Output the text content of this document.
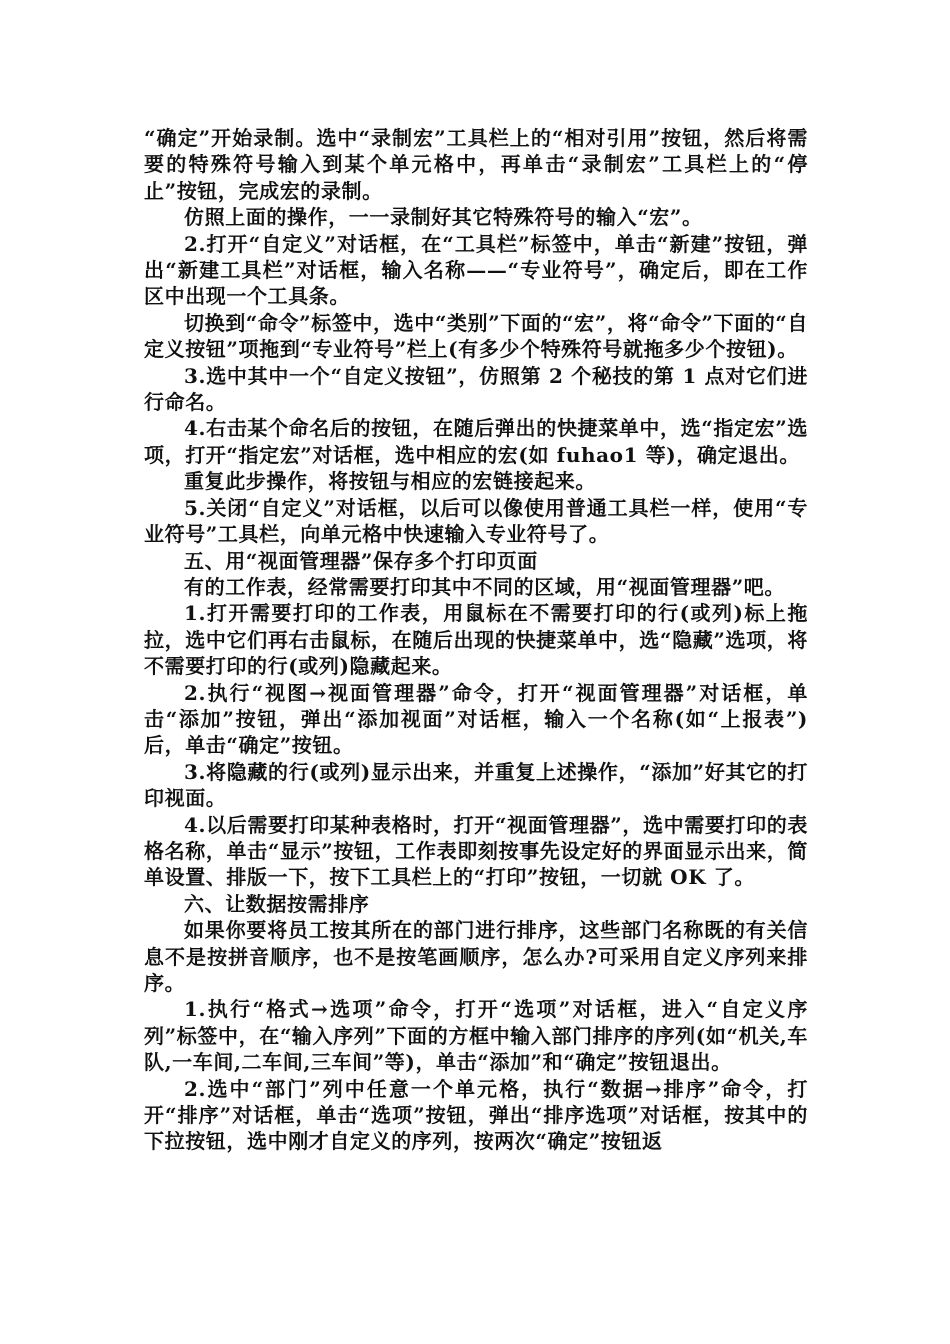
“确定”开始录制。选中“录制宏”工具栏上的“相对引用”按钮，然后将需要的特殊符号输入到某个单元格中，再单击“录制宏”工具栏上的“停止”按钮，完成宏的录制。

仿照上面的操作，一一录制好其它特殊符号的输入“宏”。

2.打开“自定义”对话框，在“工具栏”标签中，单击“新建”按钮，弹出“新建工具栏”对话框，输入名称——“专业符号”，确定后，即在工作区中出现一个工具条。

切换到“命令”标签中，选中“类别”下面的“宏”，将“命令”下面的“自定义按钮”项拖到“专业符号”栏上(有多少个特殊符号就拖多少个按钮)。

3.选中其中一个“自定义按钮”，仿照第 2 个秘技的第 1 点对它们进行命名。

4.右击某个命名后的按钮，在随后弹出的快捷菜单中，选“指定宏”选项，打开“指定宏”对话框，选中相应的宏(如 fuhao1 等)，确定退出。

重复此步操作，将按钮与相应的宏链接起来。

5.关闭“自定义”对话框，以后可以像使用普通工具栏一样，使用“专业符号”工具栏，向单元格中快速输入专业符号了。

五、用“视面管理器”保存多个打印页面

有的工作表，经常需要打印其中不同的区域，用“视面管理器”吧。

1.打开需要打印的工作表，用鼠标在不需要打印的行(或列)标上拖拉，选中它们再右击鼠标，在随后出现的快捷菜单中，选“隐藏”选项，将不需要打印的行(或列)隐藏起来。

2.执行“视图→视面管理器”命令，打开“视面管理器”对话框，单击“添加”按钮，弹出“添加视面”对话框，输入一个名称(如“上报表”)后，单击“确定”按钮。

3.将隐藏的行(或列)显示出来，并重复上述操作，“添加”好其它的打印视面。

4.以后需要打印某种表格时，打开“视面管理器”，选中需要打印的表格名称，单击“显示”按钮，工作表即刻按事先设定好的界面显示出来，简单设置、排版一下，按下工具栏上的“打印”按钮，一切就 OK 了。

六、让数据按需排序

如果你要将员工按其所在的部门进行排序，这些部门名称既的有关信息不是按拼音顺序，也不是按笔画顺序，怎么办?可采用自定义序列来排序。

1.执行“格式→选项”命令，打开“选项”对话框，进入“自定义序列”标签中，在“输入序列”下面的方框中输入部门排序的序列(如“机关,车队,一车间,二车间,三车间”等)，单击“添加”和“确定”按钮退出。

2.选中“部门”列中任意一个单元格，执行“数据→排序”命令，打开“排序”对话框，单击“选项”按钮，弹出“排序选项”对话框，按其中的下拉按钮，选中刚才自定义的序列，按两次“确定”按钮返
